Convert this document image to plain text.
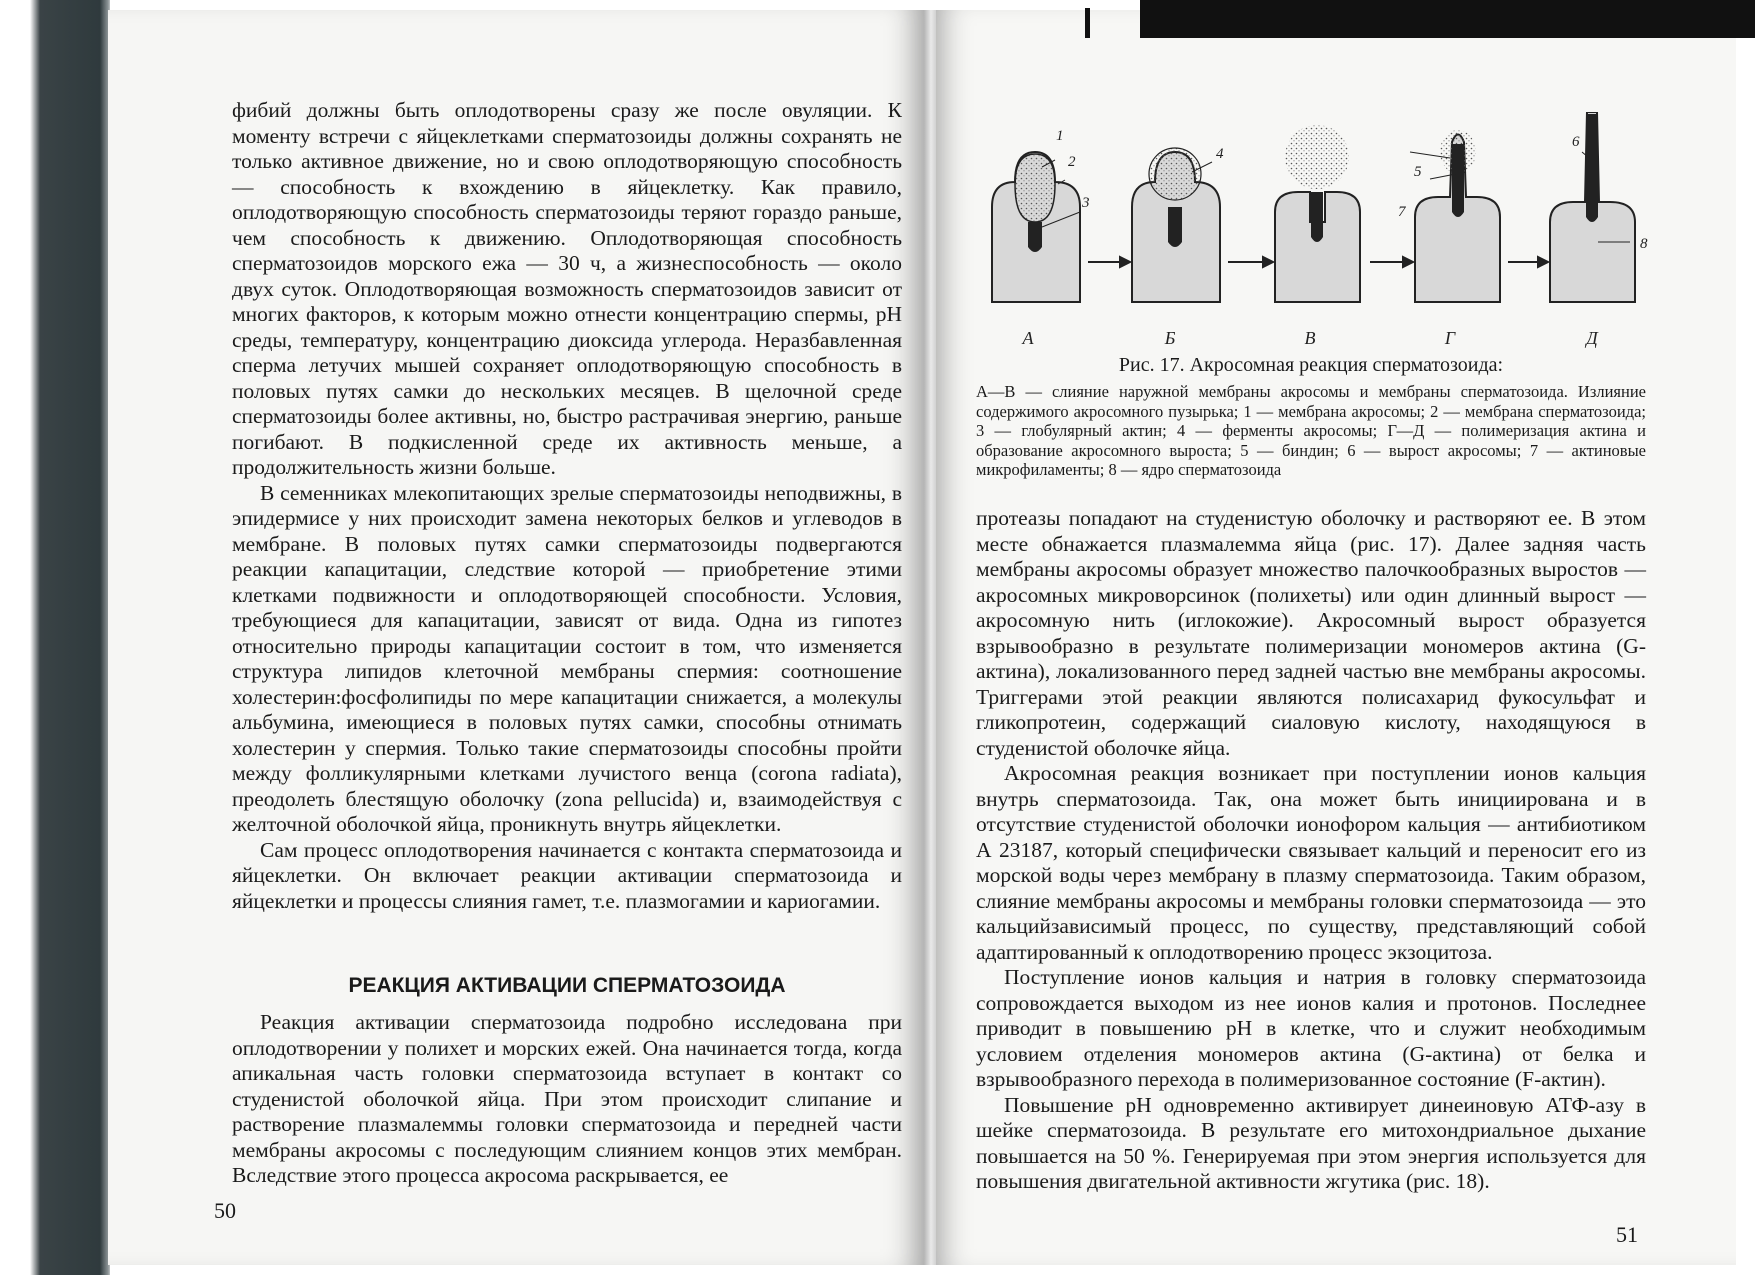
фибий должны быть оплодотворены сразу же после овуляции. К моменту встречи с яйцеклетками сперматозоиды должны сохранять не только активное движение, но и свою оплодотворяющую способность — способность к вхождению в яйцеклетку. Как правило, оплодотворяющую способность сперматозоиды теряют гораздо раньше, чем способность к движению. Оплодотворяющая способность сперматозоидов морского ежа — 30 ч, а жизнеспособность — около двух суток. Оплодотворяющая возможность сперматозоидов зависит от многих факторов, к которым можно отнести концентрацию спермы, pH среды, температуру, концентрацию диоксида углерода. Неразбавленная сперма летучих мышей сохраняет оплодотворяющую способность в половых путях самки до нескольких месяцев. В щелочной среде сперматозоиды более активны, но, быстро растрачивая энергию, раньше погибают. В подкисленной среде их активность меньше, а продолжительность жизни больше.

В семенниках млекопитающих зрелые сперматозоиды неподвижны, в эпидермисе у них происходит замена некоторых белков и углеводов в мембране. В половых путях самки сперматозоиды подвергаются реакции капацитации, следствие которой — приобретение этими клетками подвижности и оплодотворяющей способности. Условия, требующиеся для капацитации, зависят от вида. Одна из гипотез относительно природы капацитации состоит в том, что изменяется структура липидов клеточной мембраны спермия: соотношение холестерин:фосфолипиды по мере капацитации снижается, а молекулы альбумина, имеющиеся в половых путях самки, способны отнимать холестерин у спермия. Только такие сперматозоиды способны пройти между фолликулярными клетками лучистого венца (corona radiata), преодолеть блестящую оболочку (zona pellucida) и, взаимодействуя с желточной оболочкой яйца, проникнуть внутрь яйцеклетки.

Сам процесс оплодотворения начинается с контакта сперматозоида и яйцеклетки. Он включает реакции активации сперматозоида и яйцеклетки и процессы слияния гамет, т.е. плазмогамии и кариогамии.

РЕАКЦИЯ АКТИВАЦИИ СПЕРМАТОЗОИДА

Реакция активации сперматозоида подробно исследована при оплодотворении у полихет и морских ежей. Она начинается тогда, когда апикальная часть головки сперматозоида вступает в контакт со студенистой оболочкой яйца. При этом происходит слипание и растворение плазмалеммы головки сперматозоида и передней части мембраны акросомы с последующим слиянием концов этих мембран. Вследствие этого процесса акросома раскрывается, ее

50
1
2
3
4
5
6
7
8
А	Б	В	Г	Д
Рис. 17. Акросомная реакция сперматозоида:

А—В — слияние наружной мембраны акросомы и мембраны сперматозоида. Излияние содержимого акросомного пузырька; 1 — мембрана акросомы; 2 — мембрана сперматозоида; 3 — глобулярный актин; 4 — ферменты акросомы; Г—Д — полимеризация актина и образование акросомного выроста; 5 — биндин; 6 — вырост акросомы; 7 — актиновые микрофиламенты; 8 — ядро сперматозоида

протеазы попадают на студенистую оболочку и растворяют ее. В этом месте обнажается плазмалемма яйца (рис. 17). Далее задняя часть мембраны акросомы образует множество палочкообразных выростов — акросомных микроворсинок (полихеты) или один длинный вырост — акросомную нить (иглокожие). Акросомный вырост образуется взрывообразно в результате полимеризации мономеров актина (G-актина), локализованного перед задней частью вне мембраны акросомы. Триггерами этой реакции являются полисахарид фукосульфат и гликопротеин, содержащий сиаловую кислоту, находящуюся в студенистой оболочке яйца.

Акросомная реакция возникает при поступлении ионов кальция внутрь сперматозоида. Так, она может быть инициирована и в отсутствие студенистой оболочки ионофором кальция — антибиотиком А 23187, который специфически связывает кальций и переносит его из морской воды через мембрану в плазму сперматозоида. Таким образом, слияние мембраны акросомы и мембраны головки сперматозоида — это кальцийзависимый процесс, по существу, представляющий собой адаптированный к оплодотворению процесс экзоцитоза.

Поступление ионов кальция и натрия в головку сперматозоида сопровождается выходом из нее ионов калия и протонов. Последнее приводит в повышению pH в клетке, что и служит необходимым условием отделения мономеров актина (G-актина) от белка и взрывообразного перехода в полимеризованное состояние (F-актин).

Повышение pH одновременно активирует динеиновую АТФ-азу в шейке сперматозоида. В результате его митохондриальное дыхание повышается на 50 %. Генерируемая при этом энергия используется для повышения двигательной активности жгутика (рис. 18).

51
